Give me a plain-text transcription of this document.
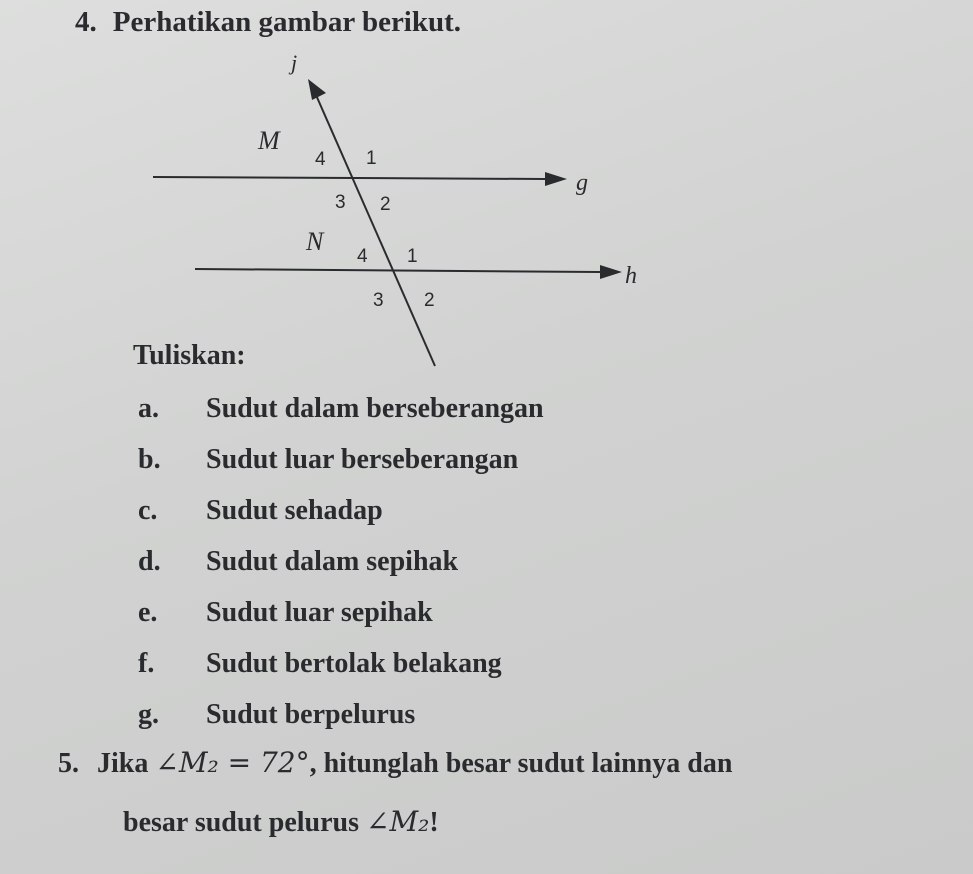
4. Perhatikan gambar berikut.
j
g
h
M
N
4 1
3 2
4 1
3 2
Tuliskan:
a. Sudut dalam berseberangan
b. Sudut luar berseberangan
c. Sudut sehadap
d. Sudut dalam sepihak
e. Sudut luar sepihak
f. Sudut bertolak belakang
g. Sudut berpelurus
5. Jika ∠M₂ = 72°, hitunglah besar sudut lainnya dan
besar sudut pelurus ∠M₂!
